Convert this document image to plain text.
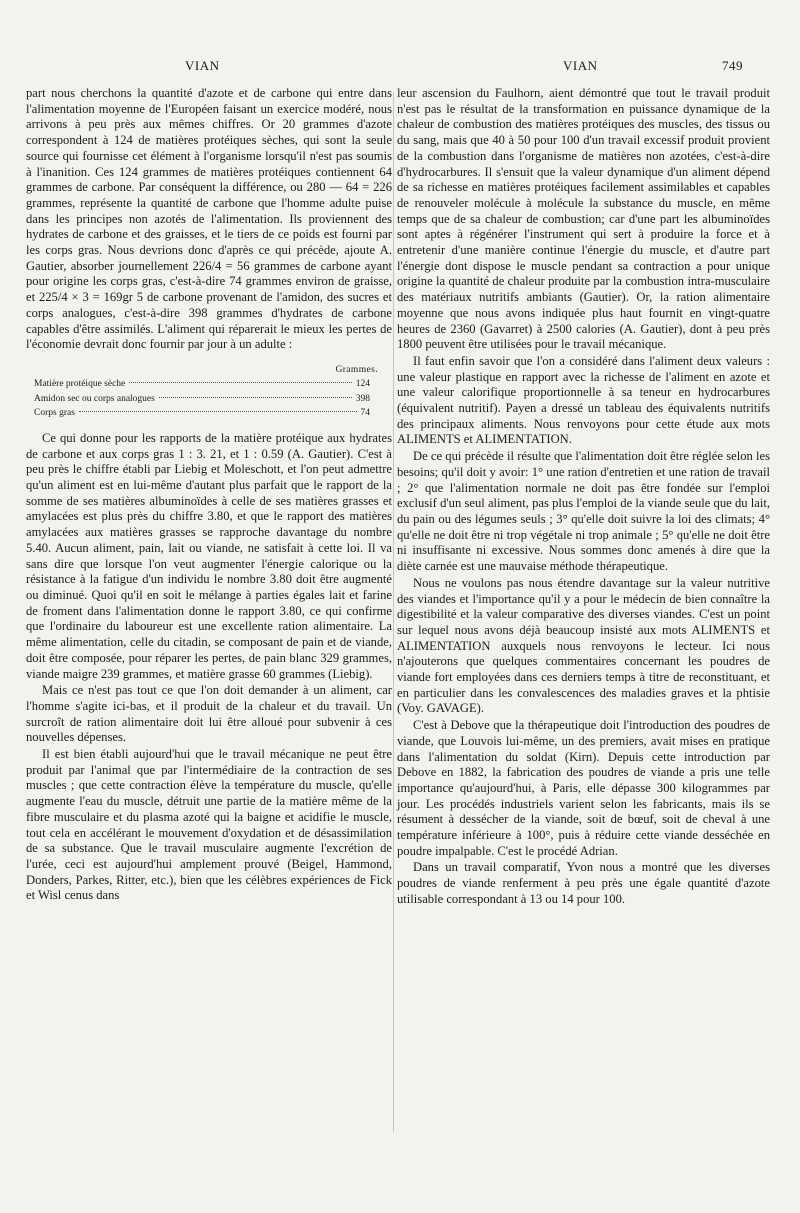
VIAN	VIAN	749

part nous cherchons la quantité d'azote et de carbone qui entre dans l'alimentation moyenne de l'Européen faisant un exercice modéré, nous arrivons à peu près aux mêmes chiffres. Or 20 grammes d'azote correspondent à 124 de matières protéiques sèches, qui sont la seule source qui fournisse cet élément à l'organisme lorsqu'il n'est pas soumis à l'inanition. Ces 124 grammes de matières protéiques contiennent 64 grammes de carbone. Par conséquent la différence, ou 280 — 64 = 226 grammes, représente la quantité de carbone que l'homme adulte puise dans les principes non azotés de l'alimentation. Ils proviennent des hydrates de carbone et des graisses, et le tiers de ce poids est fourni par les corps gras. Nous devrions donc d'après ce qui précède, ajoute A. Gautier, absorber journellement 226/4 = 56 grammes de carbone ayant pour origine les corps gras, c'est-à-dire 74 grammes environ de graisse, et 225/4 × 3 = 169gr 5 de carbone provenant de l'amidon, des sucres et corps analogues, c'est-à-dire 398 grammes d'hydrates de carbone capables d'être assimilés. L'aliment qui réparerait le mieux les pertes de l'économie devrait donc fournir par jour à un adulte :

Grammes.
Matière protéique sèche	124
Amidon sec ou corps analogues	398
Corps gras	74

Ce qui donne pour les rapports de la matière protéique aux hydrates de carbone et aux corps gras 1 : 3. 21, et 1 : 0.59 (A. Gautier). C'est à peu près le chiffre établi par Liebig et Moleschott, et l'on peut admettre qu'un aliment est en lui-même d'autant plus parfait que le rapport de la somme de ses matières albuminoïdes à celle de ses matières grasses et amylacées est plus près du chiffre 3.80, et que le rapport des matières amylacées aux matières grasses se rapproche davantage du nombre 5.40. Aucun aliment, pain, lait ou viande, ne satisfait à cette loi. Il va sans dire que lorsque l'on veut augmenter l'énergie calorique ou la résistance à la fatigue d'un individu le nombre 3.80 doit être augmenté ou diminué. Quoi qu'il en soit le mélange à parties égales lait et farine de froment dans l'alimentation donne le rapport 3.80, ce qui confirme que l'ordinaire du laboureur est une excellente ration alimentaire. La même alimentation, celle du citadin, se composant de pain et de viande, doit être composée, pour réparer les pertes, de pain blanc 329 grammes, viande maigre 239 grammes, et matière grasse 60 grammes (Liebig).

Mais ce n'est pas tout ce que l'on doit demander à un aliment, car l'homme s'agite ici-bas, et il produit de la chaleur et du travail. Un surcroît de ration alimentaire doit lui être alloué pour subvenir à ces nouvelles dépenses.

Il est bien établi aujourd'hui que le travail mécanique ne peut être produit par l'animal que par l'intermédiaire de la contraction de ses muscles ; que cette contraction élève la température du muscle, qu'elle augmente l'eau du muscle, détruit une partie de la matière même de la fibre musculaire et du plasma azoté qui la baigne et acidifie le muscle, tout cela en accélérant le mouvement d'oxydation et de désassimilation de sa substance. Que le travail musculaire augmente l'excrétion de l'urée, ceci est aujourd'hui amplement prouvé (Beigel, Hammond, Donders, Parkes, Ritter, etc.), bien que les célèbres expériences de Fick et Wisl cenus dans

leur ascension du Faulhorn, aient démontré que tout le travail produit n'est pas le résultat de la transformation en puissance dynamique de la chaleur de combustion des matières protéiques des muscles, des tissus ou du sang, mais que 40 à 50 pour 100 d'un travail excessif produit provient de la combustion dans l'organisme de matières non azotées, c'est-à-dire d'hydrocarbures. Il s'ensuit que la valeur dynamique d'un aliment dépend de sa richesse en matières protéiques facilement assimilables et capables de renouveler molécule à molécule la substance du muscle, en même temps que de sa chaleur de combustion; car d'une part les albuminoïdes sont aptes à régénérer l'instrument qui sert à produire la force et à entretenir d'une manière continue l'énergie du muscle, et d'autre part l'énergie dont dispose le muscle pendant sa contraction a pour unique origine la quantité de chaleur produite par la combustion intra-musculaire des matériaux nutritifs ambiants (Gautier). Or, la ration alimentaire moyenne que nous avons indiquée plus haut fournit en vingt-quatre heures de 2360 (Gavarret) à 2500 calories (A. Gautier), dont à peu près 1800 peuvent être utilisées pour le travail mécanique.

Il faut enfin savoir que l'on a considéré dans l'aliment deux valeurs : une valeur plastique en rapport avec la richesse de l'aliment en azote et une valeur calorifique proportionnelle à sa teneur en hydrocarbures (équivalent nutritif). Payen a dressé un tableau des équivalents nutritifs des principaux aliments. Nous renvoyons pour cette étude aux mots ALIMENTS et ALIMENTATION.

De ce qui précède il résulte que l'alimentation doit être réglée selon les besoins; qu'il doit y avoir: 1° une ration d'entretien et une ration de travail ; 2° que l'alimentation normale ne doit pas être fondée sur l'emploi exclusif d'un seul aliment, pas plus l'emploi de la viande seule que du lait, du pain ou des légumes seuls ; 3° qu'elle doit suivre la loi des climats; 4° qu'elle ne doit être ni trop végétale ni trop animale ; 5° qu'elle ne doit être ni insuffisante ni excessive. Nous sommes donc amenés à dire que la diète carnée est une mauvaise méthode thérapeutique.

Nous ne voulons pas nous étendre davantage sur la valeur nutritive des viandes et l'importance qu'il y a pour le médecin de bien connaître la digestibilité et la valeur comparative des diverses viandes. C'est un point sur lequel nous avons déjà beaucoup insisté aux mots ALIMENTS et ALIMENTATION auxquels nous renvoyons le lecteur. Ici nous n'ajouterons que quelques commentaires concernant les poudres de viande fort employées dans ces derniers temps à titre de reconstituant, et en particulier dans les convalescences des maladies graves et la phtisie (Voy. GAVAGE).

C'est à Debove que la thérapeutique doit l'introduction des poudres de viande, que Louvois lui-même, un des premiers, avait mises en pratique dans l'alimentation du soldat (Kirn). Depuis cette introduction par Debove en 1882, la fabrication des poudres de viande a pris une telle importance qu'aujourd'hui, à Paris, elle dépasse 300 kilogrammes par jour. Les procédés industriels varient selon les fabricants, mais ils se résument à dessécher de la viande, soit de bœuf, soit de cheval à une température inférieure à 100°, puis à réduire cette viande desséchée en poudre impalpable. C'est le procédé Adrian.

Dans un travail comparatif, Yvon nous a montré que les diverses poudres de viande renferment à peu près une égale quantité d'azote utilisable correspondant à 13 ou 14 pour 100.
